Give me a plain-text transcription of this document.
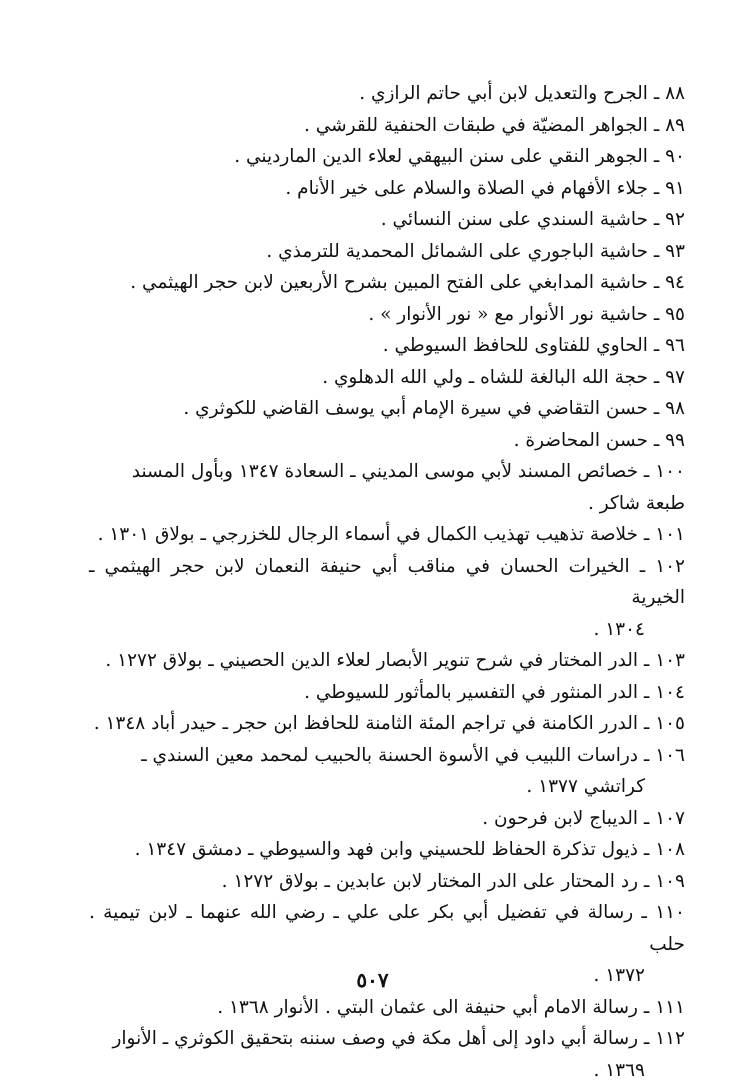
٨٨ ـ الجرح والتعديل لابن أبي حاتم الرازي .

٨٩ ـ الجواهر المضيّة في طبقات الحنفية للقرشي .

٩٠ ـ الجوهر النقي على سنن البيهقي لعلاء الدين المارديني .

٩١ ـ جلاء الأفهام في الصلاة والسلام على خير الأنام .

٩٢ ـ حاشية السندي على سنن النسائي .

٩٣ ـ حاشية الباجوري على الشمائل المحمدية للترمذي .

٩٤ ـ حاشية المدابغي على الفتح المبين بشرح الأربعين لابن حجر الهيثمي .

٩٥ ـ حاشية نور الأنوار مع « نور الأنوار » .

٩٦ ـ الحاوي للفتاوى للحافظ السيوطي .

٩٧ ـ حجة الله البالغة للشاه ـ ولي الله الدهلوي .

٩٨ ـ حسن التقاضي في سيرة الإمام أبي يوسف القاضي للكوثري .

٩٩ ـ حسن المحاضرة .

١٠٠ ـ خصائص المسند لأبي موسى المديني ـ السعادة ١٣٤٧ وبأول المسند طبعة شاكر .

١٠١ ـ خلاصة تذهيب تهذيب الكمال في أسماء الرجال للخزرجي ـ بولاق ١٣٠١ .

١٠٢ ـ الخيرات الحسان في مناقب أبي حنيفة النعمان لابن حجر الهيثمي ـ الخيرية
١٣٠٤ .

١٠٣ ـ الدر المختار في شرح تنوير الأبصار لعلاء الدين الحصيني ـ بولاق ١٢٧٢ .

١٠٤ ـ الدر المنثور في التفسير بالمأثور للسيوطي .

١٠٥ ـ الدرر الكامنة في تراجم المئة الثامنة للحافظ ابن حجر ـ حيدر أباد ١٣٤٨ .

١٠٦ ـ دراسات اللبيب في الأسوة الحسنة بالحبيب لمحمد معين السندي ـ
كراتشي ١٣٧٧ .

١٠٧ ـ الديباج لابن فرحون .

١٠٨ ـ ذيول تذكرة الحفاظ للحسيني وابن فهد والسيوطي ـ دمشق ١٣٤٧ .

١٠٩ ـ رد المحتار على الدر المختار لابن عابدين ـ بولاق ١٢٧٢ .

١١٠ ـ رسالة في تفضيل أبي بكر على علي ـ رضي الله عنهما ـ لابن تيمية . حلب
١٣٧٢ .

١١١ ـ رسالة الامام أبي حنيفة الى عثمان البتي . الأنوار ١٣٦٨ .

١١٢ ـ رسالة أبي داود إلى أهل مكة في وصف سننه بتحقيق الكوثري ـ الأنوار
١٣٦٩ .

٥٠٧
